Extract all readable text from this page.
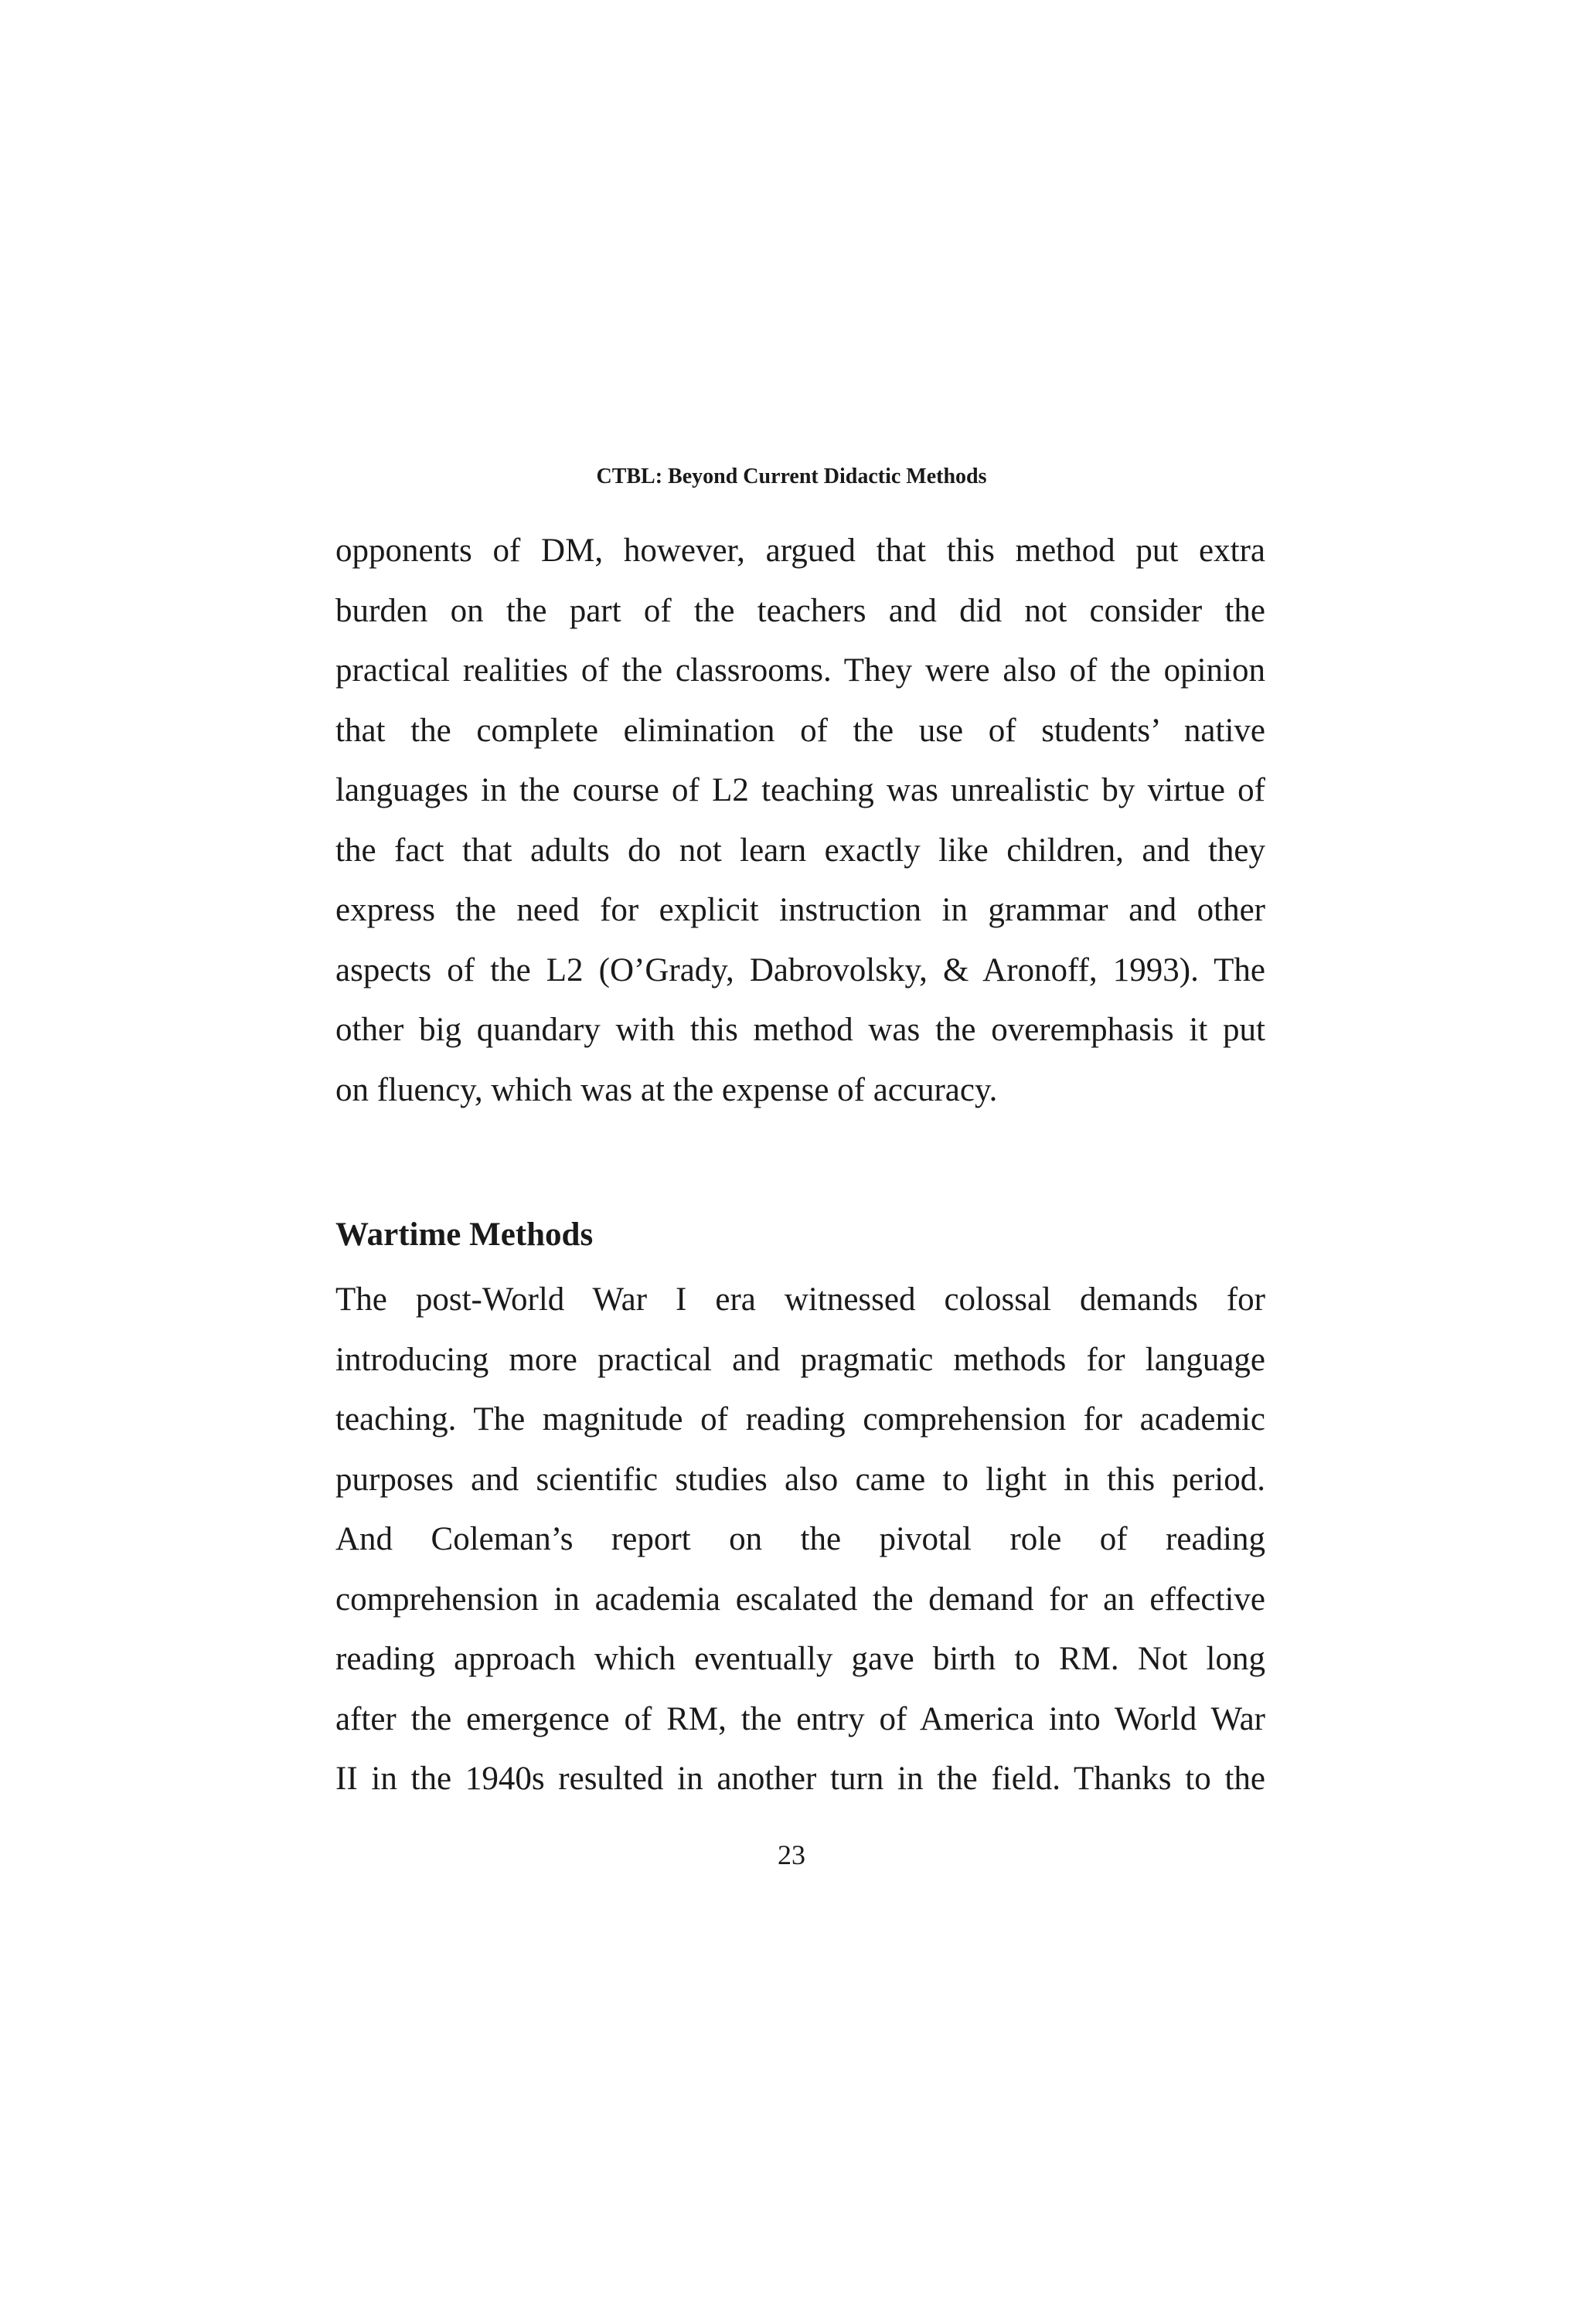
CTBL: Beyond Current Didactic Methods
opponents of DM, however, argued that this method put extra
burden on the part of the teachers and did not consider the
practical realities of the classrooms. They were also of the opinion
that the complete elimination of the use of students’ native
languages in the course of L2 teaching was unrealistic by virtue of
the fact that adults do not learn exactly like children, and they
express the need for explicit instruction in grammar and other
aspects of the L2 (O’Grady, Dabrovolsky, & Aronoff, 1993). The
other big quandary with this method was the overemphasis it put
on fluency, which was at the expense of accuracy.
Wartime Methods
The post-World War I era witnessed colossal demands for
introducing more practical and pragmatic methods for language
teaching. The magnitude of reading comprehension for academic
purposes and scientific studies also came to light in this period.
And Coleman’s report on the pivotal role of reading
comprehension in academia escalated the demand for an effective
reading approach which eventually gave birth to RM. Not long
after the emergence of RM, the entry of America into World War
II in the 1940s resulted in another turn in the field. Thanks to the
23
